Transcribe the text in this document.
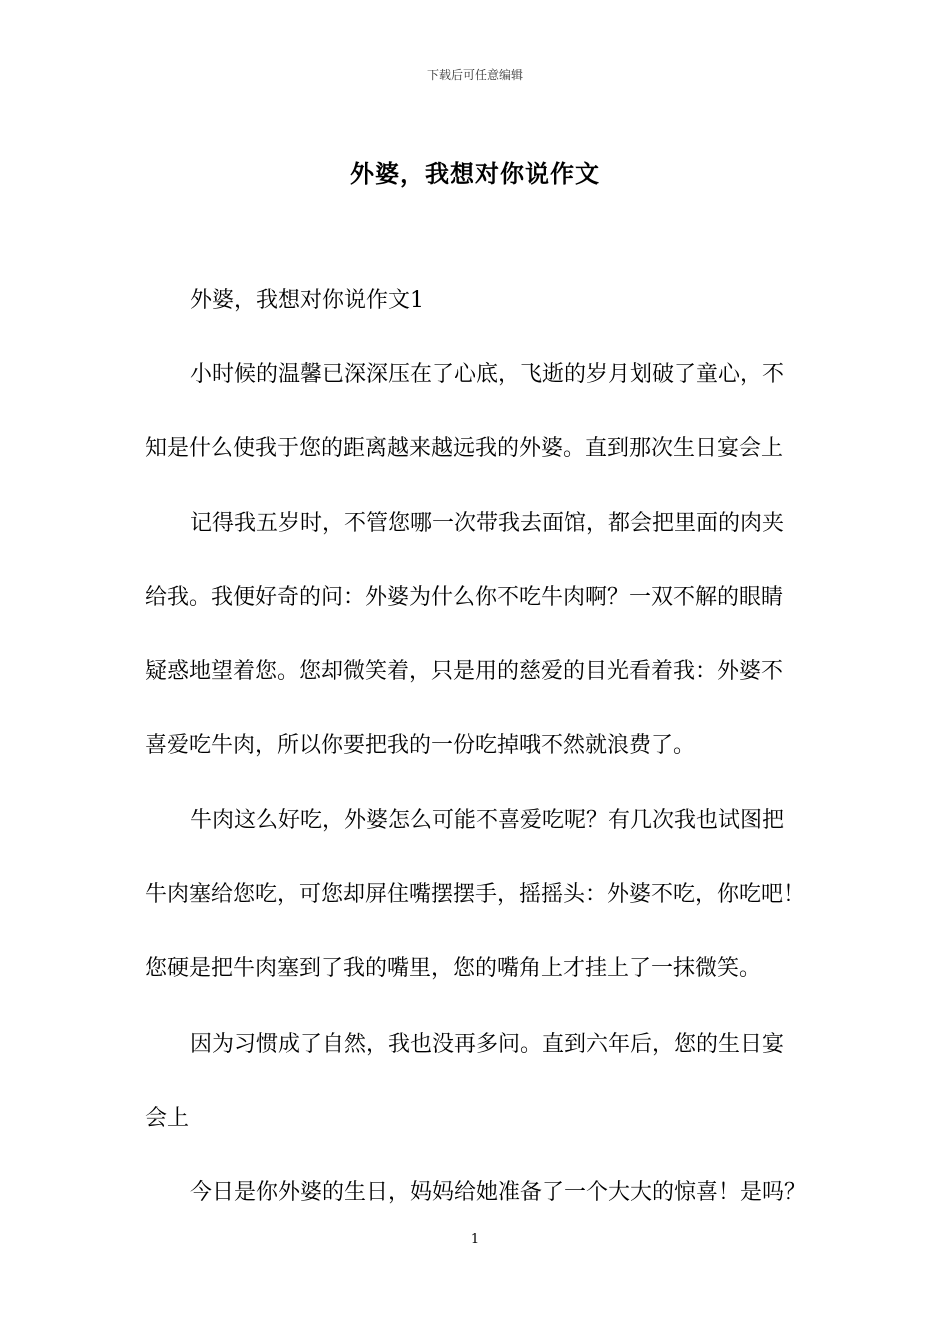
下载后可任意编辑
外婆，我想对你说作文
外婆，我想对你说作文1
小时候的温馨已深深压在了心底，飞逝的岁月划破了童心，不
知是什么使我于您的距离越来越远我的外婆。直到那次生日宴会上
记得我五岁时，不管您哪一次带我去面馆，都会把里面的肉夹
给我。我便好奇的问：外婆为什么你不吃牛肉啊？一双不解的眼睛
疑惑地望着您。您却微笑着，只是用的慈爱的目光看着我：外婆不
喜爱吃牛肉，所以你要把我的一份吃掉哦不然就浪费了。
牛肉这么好吃，外婆怎么可能不喜爱吃呢？有几次我也试图把
牛肉塞给您吃，可您却屏住嘴摆摆手，摇摇头：外婆不吃，你吃吧！
您硬是把牛肉塞到了我的嘴里，您的嘴角上才挂上了一抹微笑。
因为习惯成了自然，我也没再多问。直到六年后，您的生日宴
会上
今日是你外婆的生日，妈妈给她准备了一个大大的惊喜！是吗？
1
